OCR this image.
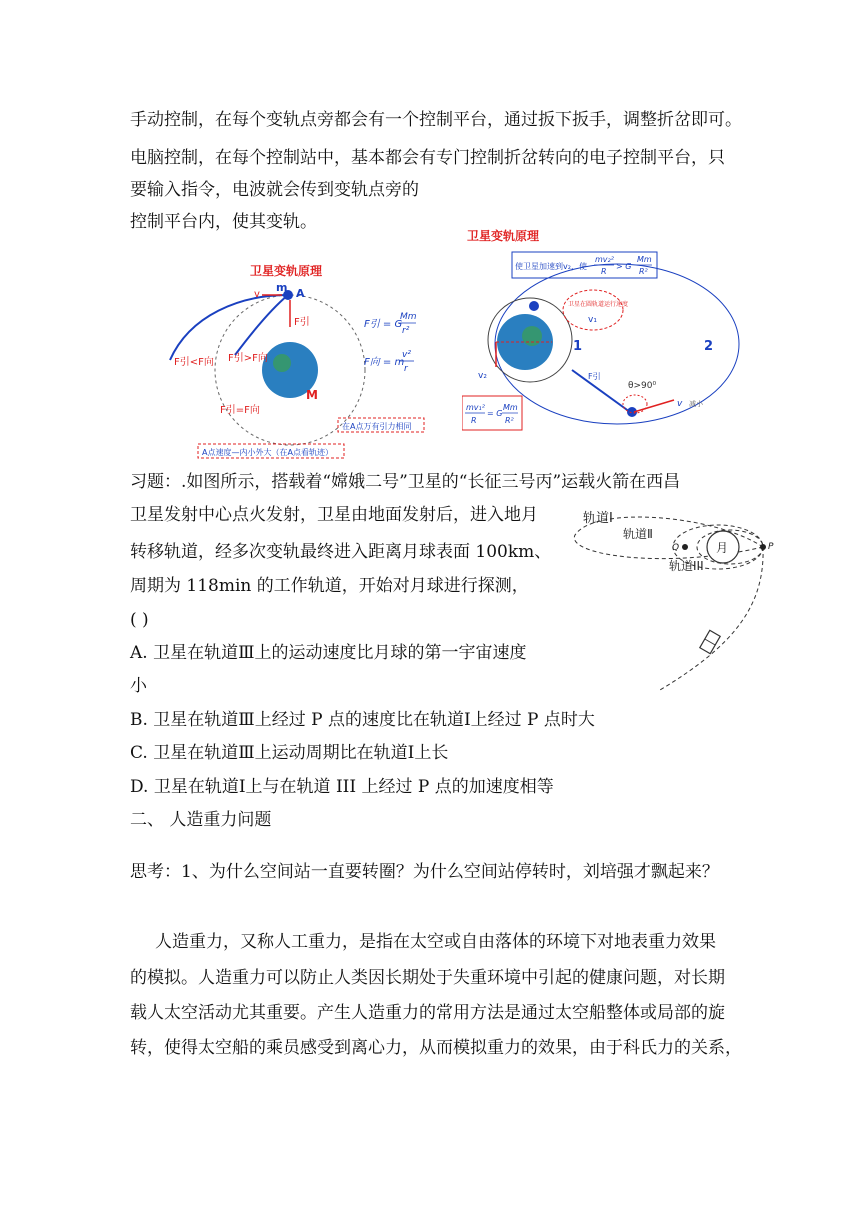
手动控制，在每个变轨点旁都会有一个控制平台，通过扳下扳手，调整折岔即可。
电脑控制，在每个控制站中，基本都会有专门控制折岔转向的电子控制平台，只
要输入指令，电波就会传到变轨点旁的
控制平台内，使其变轨。
卫星变轨原理
m A
v
F引
M
F引<F向 F引>F向
F引=F向
F引 = G
Mm
r²
F向 = m
v²
r
在A点万有引力相同
A点速度—内小外大（在A点看轨迹）
卫星变轨原理
使卫星加速到v₂，使
mv₂²
R
> G
Mm
R²
卫星在圆轨道运行速度
v₁
1	2
v₂	F引
θ>90⁰
v 减小
mv₁²
R
= G
Mm
R²
习题：.如图所示，搭载着“嫦娥二号”卫星的“长征三号丙”运载火箭在西昌
卫星发射中心点火发射，卫星由地面发射后，进入地月
转移轨道，经多次变轨最终进入距离月球表面 100km、
周期为 118min 的工作轨道，开始对月球进行探测，
( )
A. 卫星在轨道Ⅲ上的运动速度比月球的第一宇宙速度
小
B. 卫星在轨道Ⅲ上经过 P 点的速度比在轨道Ⅰ上经过 P 点时大
C. 卫星在轨道Ⅲ上运动周期比在轨道Ⅰ上长
D. 卫星在轨道Ⅰ上与在轨道 III 上经过 P 点的加速度相等
月	P
Q
轨道Ⅰ
轨道Ⅱ
轨道III
二、 人造重力问题
思考：1、为什么空间站一直要转圈？为什么空间站停转时，刘培强才飘起来？
人造重力，又称人工重力，是指在太空或自由落体的环境下对地表重力效果
的模拟。人造重力可以防止人类因长期处于失重环境中引起的健康问题，对长期
载人太空活动尤其重要。产生人造重力的常用方法是通过太空船整体或局部的旋
转，使得太空船的乘员感受到离心力，从而模拟重力的效果，由于科氏力的关系，
